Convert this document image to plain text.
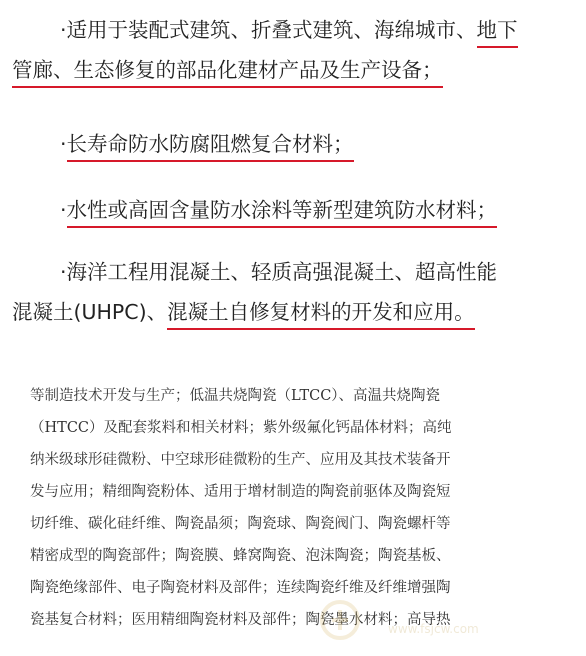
·适用于装配式建筑、折叠式建筑、海绵城市、地下
管廊、生态修复的部品化建材产品及生产设备；

·长寿命防水防腐阻燃复合材料；

·水性或高固含量防水涂料等新型建筑防水材料；

·海洋工程用混凝土、轻质高强混凝土、超高性能
混凝土(UHPC)、混凝土自修复材料的开发和应用。

等制造技术开发与生产；低温共烧陶瓷（LTCC）、高温共烧陶瓷
（HTCC）及配套浆料和相关材料；紫外级氟化钙晶体材料；高纯
纳米级球形硅微粉、中空球形硅微粉的生产、应用及其技术装备开
发与应用；精细陶瓷粉体、适用于增材制造的陶瓷前驱体及陶瓷短
切纤维、碳化硅纤维、陶瓷晶须；陶瓷球、陶瓷阀门、陶瓷螺杆等
精密成型的陶瓷部件；陶瓷膜、蜂窝陶瓷、泡沫陶瓷；陶瓷基板、
陶瓷绝缘部件、电子陶瓷材料及部件；连续陶瓷纤维及纤维增强陶
瓷基复合材料；医用精细陶瓷材料及部件；陶瓷墨水材料；高导热
www.fsjcw.com
